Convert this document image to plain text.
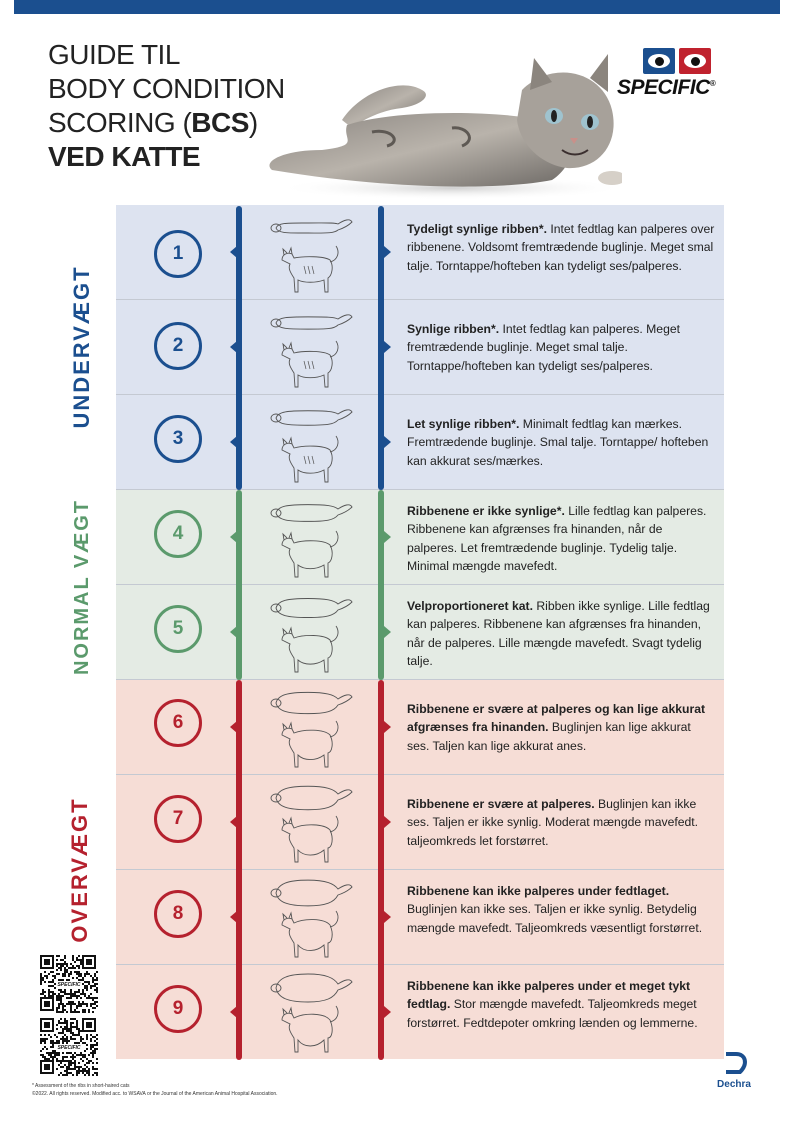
GUIDE TIL
BODY CONDITION
SCORING (BCS)
VED KATTE
SPECIFIC®
1
Tydeligt synlige ribben*. Intet fedtlag kan palperes over ribbenene. Voldsomt fremtrædende buglinje. Meget smal talje. Torntappe/hofteben kan tydeligt ses/palperes.
2
Synlige ribben*. Intet fedtlag kan palperes. Meget fremtrædende buglinje. Meget smal talje. Torntappe/hofteben kan tydeligt ses/palperes.
3
Let synlige ribben*. Minimalt fedtlag kan mærkes. Fremtrædende buglinje. Smal talje. Torntappe/ hofteben kan akkurat ses/mærkes.
4
Ribbenene er ikke synlige*. Lille fedtlag kan palperes. Ribbenene kan afgrænses fra hinanden, når de palperes. Let fremtrædende buglinje. Tydelig talje. Minimal mængde mavefedt.
5
Velproportioneret kat. Ribben ikke synlige. Lille fedtlag kan palperes. Ribbenene kan afgrænses fra hinanden, når de palperes. Lille mængde mavefedt. Svagt tydelig talje.
6
Ribbenene er svære at palperes og kan lige akkurat afgrænses fra hinanden. Buglinjen kan lige akkurat ses. Taljen kan lige akkurat anes.
7
Ribbenene er svære at palperes. Buglinjen kan ikke ses. Taljen er ikke synlig. Moderat mængde mavefedt. taljeomkreds let forstørret.
8
Ribbenene kan ikke palperes under fedtlaget. Buglinjen kan ikke ses. Taljen er ikke synlig. Betydelig mængde mavefedt. Taljeomkreds væsentligt forstørret.
9
Ribbenene kan ikke palperes under et meget tykt fedtlag. Stor mængde mavefedt. Taljeomkreds meget forstørret. Fedtdepoter omkring lænden og lemmerne.
UNDERVÆGT
NORMAL VÆGT
OVERVÆGT
SPECIFIC
SPECIFIC
* Assessment of the ribs in short-haired cats
©2022. All rights reserved. Modified acc. to WSAVA or the Journal of the American Animal Hospital Association.
Dechra
